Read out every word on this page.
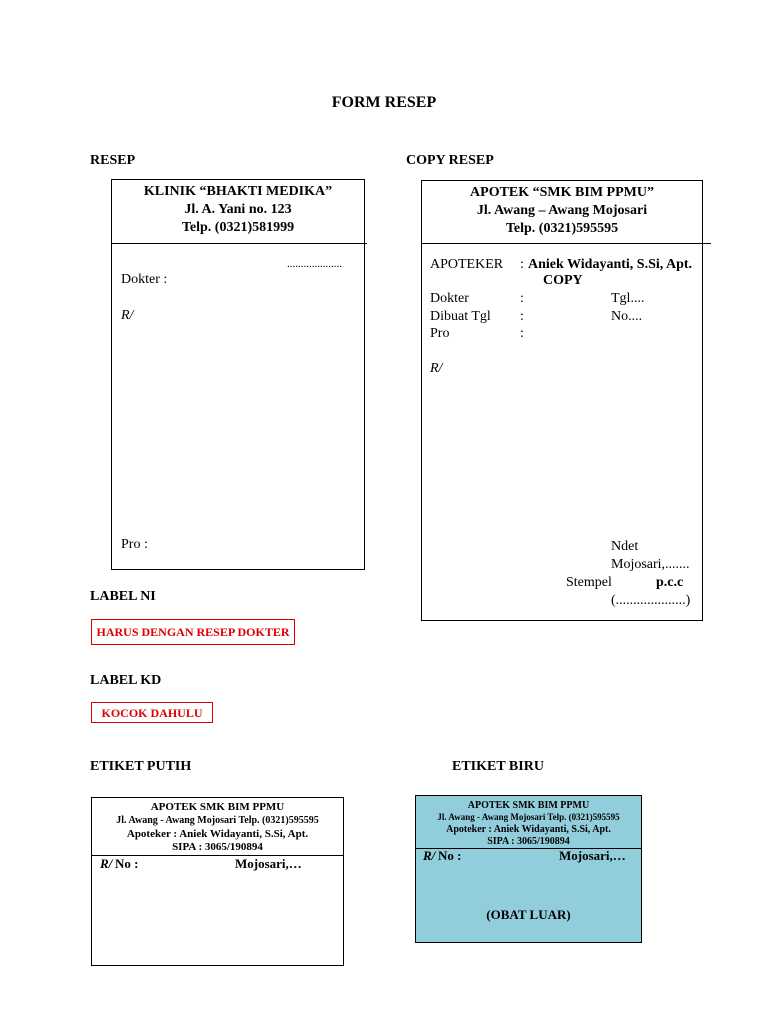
FORM RESEP
RESEP
KLINIK “BHAKTI MEDIKA”
Jl. A. Yani no. 123
Telp. (0321)581999
....................
Dokter :
R/
Pro :
COPY RESEP
APOTEK “SMK BIM PPMU”
Jl. Awang – Awang Mojosari
Telp. (0321)595595
APOTEKER : Aniek Widayanti, S.Si, Apt.
COPY
Dokter	:	Tgl....
Dibuat Tgl :	No....
Pro	:
R/
Ndet
Mojosari,.......
Stempel	p.c.c
(....................)
LABEL NI
HARUS DENGAN RESEP DOKTER
LABEL KD
KOCOK DAHULU
ETIKET PUTIH
APOTEK SMK BIM PPMU
Jl. Awang - Awang Mojosari Telp. (0321)595595
Apoteker : Aniek Widayanti, S.Si, Apt.
SIPA : 3065/190894
R/ No :	Mojosari,…
ETIKET BIRU
APOTEK SMK BIM PPMU
Jl. Awang - Awang Mojosari Telp. (0321)595595
Apoteker : Aniek Widayanti, S.Si, Apt.
SIPA : 3065/190894
R/ No :	Mojosari,…
(OBAT LUAR)
